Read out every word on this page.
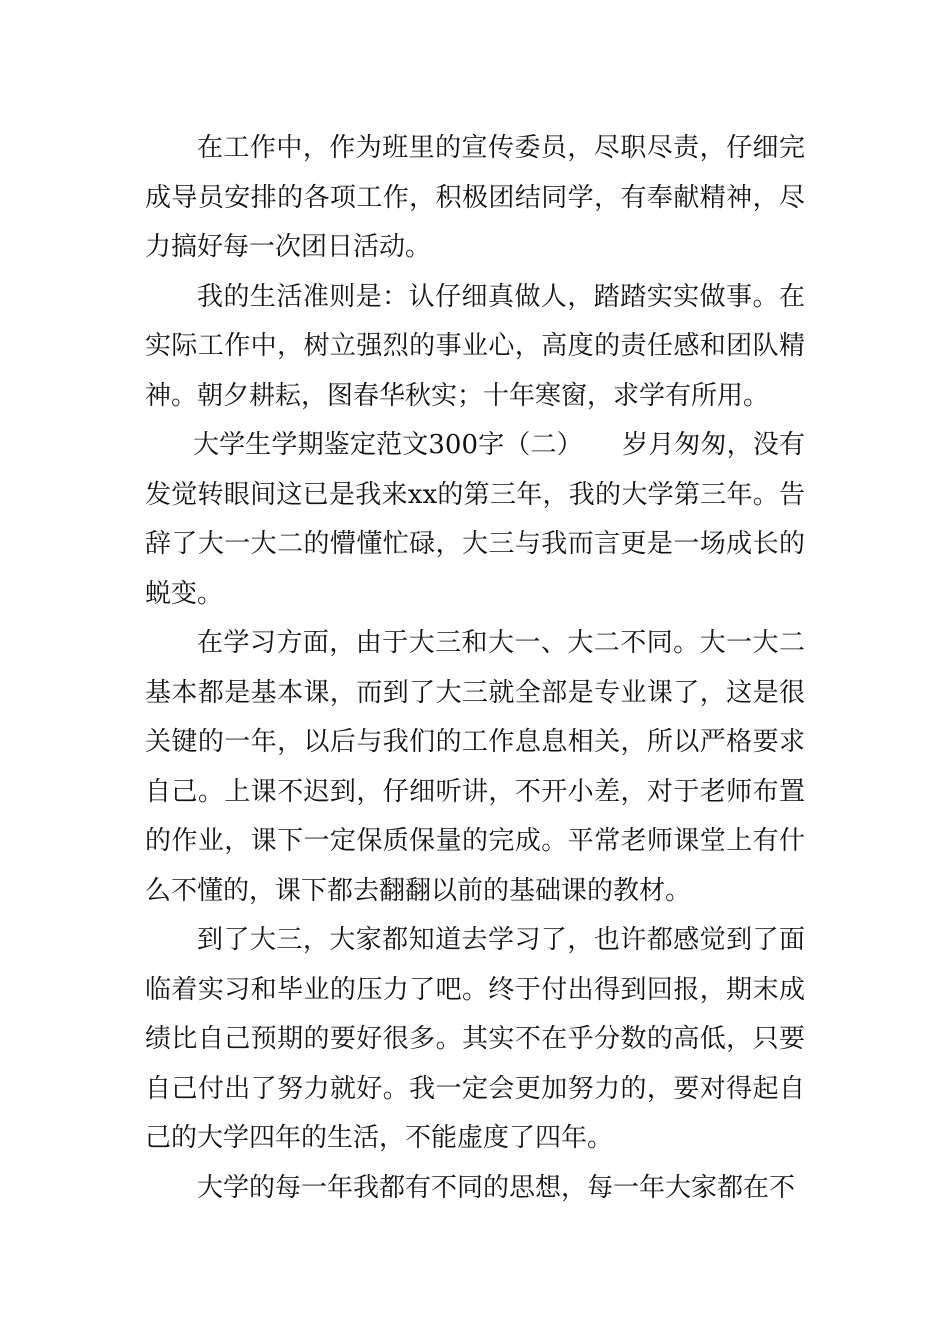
在工作中，作为班里的宣传委员，尽职尽责，仔细完成导员安排的各项工作，积极团结同学，有奉献精神，尽力搞好每一次团日活动。

我的生活准则是：认仔细真做人，踏踏实实做事。在实际工作中，树立强烈的事业心，高度的责任感和团队精神。朝夕耕耘，图春华秋实；十年寒窗，求学有所用。

大学生学期鉴定范文300字（二）　　岁月匆匆，没有发觉转眼间这已是我来xx的第三年，我的大学第三年。告辞了大一大二的懵懂忙碌，大三与我而言更是一场成长的蜕变。

在学习方面，由于大三和大一、大二不同。大一大二基本都是基本课，而到了大三就全部是专业课了，这是很关键的一年，以后与我们的工作息息相关，所以严格要求自己。上课不迟到，仔细听讲，不开小差，对于老师布置的作业，课下一定保质保量的完成。平常老师课堂上有什么不懂的，课下都去翻翻以前的基础课的教材。

到了大三，大家都知道去学习了，也许都感觉到了面临着实习和毕业的压力了吧。终于付出得到回报，期末成绩比自己预期的要好很多。其实不在乎分数的高低，只要自己付出了努力就好。我一定会更加努力的，要对得起自己的大学四年的生活，不能虚度了四年。

大学的每一年我都有不同的思想，每一年大家都在不
